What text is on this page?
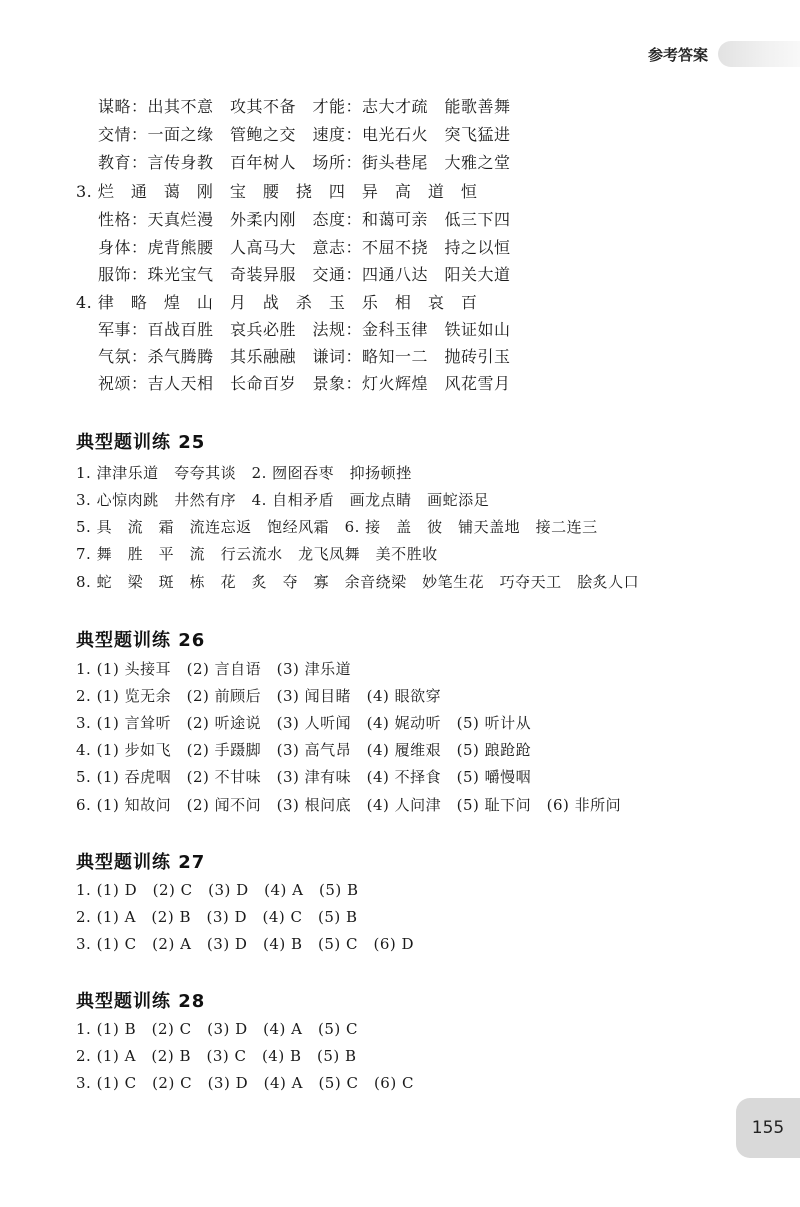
参考答案
谋略：出其不意　攻其不备　才能：志大才疏　能歌善舞
交情：一面之缘　管鲍之交　速度：电光石火　突飞猛进
教育：言传身教　百年树人　场所：街头巷尾　大雅之堂
3. 烂　通　蔼　刚　宝　腰　挠　四　异　高　道　恒
性格：天真烂漫　外柔内刚　态度：和蔼可亲　低三下四
身体：虎背熊腰　人高马大　意志：不屈不挠　持之以恒
服饰：珠光宝气　奇装异服　交通：四通八达　阳关大道
4. 律　略　煌　山　月　战　杀　玉　乐　相　哀　百
军事：百战百胜　哀兵必胜　法规：金科玉律　铁证如山
气氛：杀气腾腾　其乐融融　谦词：略知一二　抛砖引玉
祝颂：吉人天相　长命百岁　景象：灯火辉煌　风花雪月
典型题训练 25
1. 津津乐道　夸夸其谈　2. 囫囵吞枣　抑扬顿挫
3. 心惊肉跳　井然有序　4. 自相矛盾　画龙点睛　画蛇添足
5. 具　流　霜　流连忘返　饱经风霜　6. 接　盖　彼　铺天盖地　接二连三
7. 舞　胜　平　流　行云流水　龙飞凤舞　美不胜收
8. 蛇　梁　斑　栋　花　炙　夺　寡　余音绕梁　妙笔生花　巧夺天工　脍炙人口
典型题训练 26
1. (1) 头接耳　(2) 言自语　(3) 津乐道
2. (1) 览无余　(2) 前顾后　(3) 闻目睹　(4) 眼欲穿
3. (1) 言耸听　(2) 听途说　(3) 人听闻　(4) 娓动听　(5) 听计从
4. (1) 步如飞　(2) 手蹑脚　(3) 高气昂　(4) 履维艰　(5) 踉跄跄
5. (1) 吞虎咽　(2) 不甘味　(3) 津有味　(4) 不择食　(5) 嚼慢咽
6. (1) 知故问　(2) 闻不问　(3) 根问底　(4) 人问津　(5) 耻下问　(6) 非所问
典型题训练 27
1. (1) D　(2) C　(3) D　(4) A　(5) B
2. (1) A　(2) B　(3) D　(4) C　(5) B
3. (1) C　(2) A　(3) D　(4) B　(5) C　(6) D
典型题训练 28
1. (1) B　(2) C　(3) D　(4) A　(5) C
2. (1) A　(2) B　(3) C　(4) B　(5) B
3. (1) C　(2) C　(3) D　(4) A　(5) C　(6) C
155
